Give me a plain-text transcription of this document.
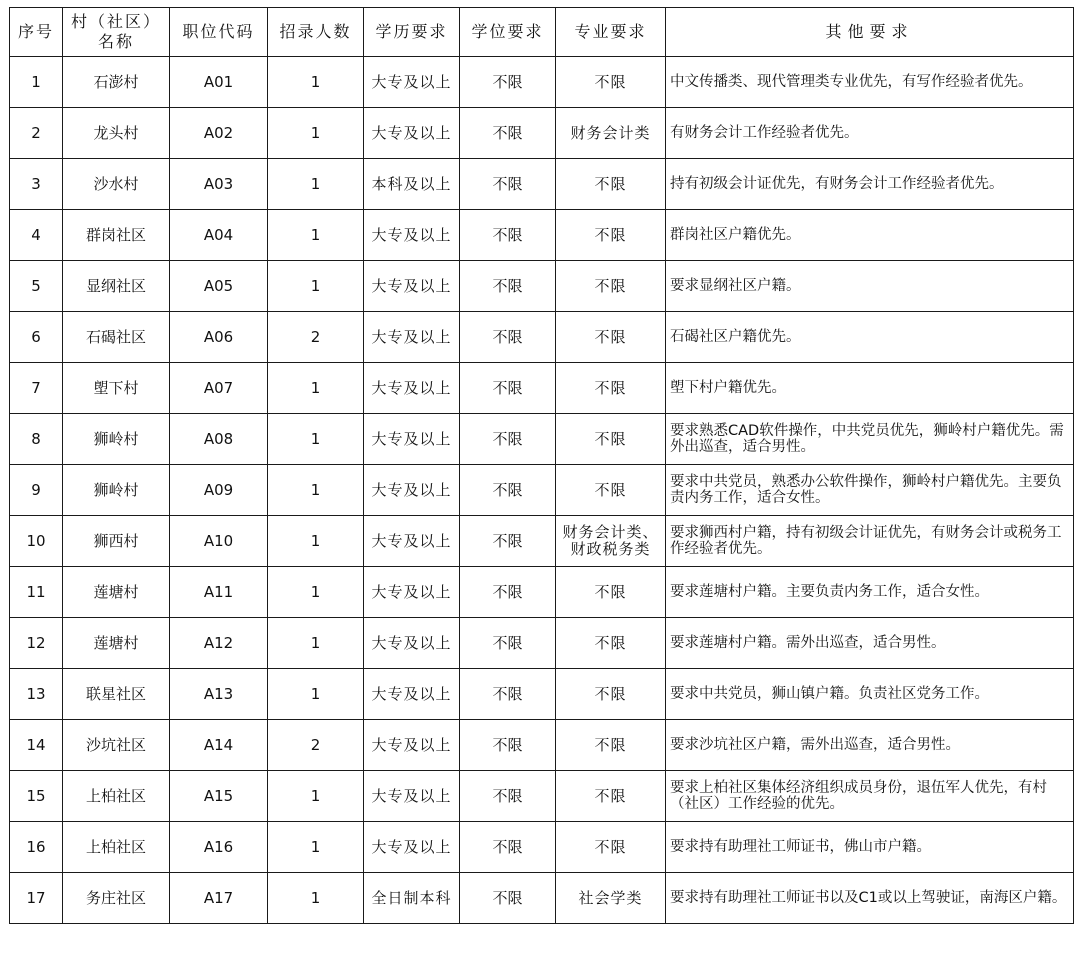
序号	村（社区）名称	职位代码	招录人数	学历要求	学位要求	专业要求	其他要求
1	石澎村	A01	1	大专及以上	不限	不限	中文传播类、现代管理类专业优先，有写作经验者优先。
2	龙头村	A02	1	大专及以上	不限	财务会计类	有财务会计工作经验者优先。
3	沙水村	A03	1	本科及以上	不限	不限	持有初级会计证优先，有财务会计工作经验者优先。
4	群岗社区	A04	1	大专及以上	不限	不限	群岗社区户籍优先。
5	显纲社区	A05	1	大专及以上	不限	不限	要求显纲社区户籍。
6	石碣社区	A06	2	大专及以上	不限	不限	石碣社区户籍优先。
7	塱下村	A07	1	大专及以上	不限	不限	塱下村户籍优先。
8	狮岭村	A08	1	大专及以上	不限	不限	要求熟悉CAD软件操作，中共党员优先，狮岭村户籍优先。需外出巡查，适合男性。
9	狮岭村	A09	1	大专及以上	不限	不限	要求中共党员，熟悉办公软件操作，狮岭村户籍优先。主要负责内务工作，适合女性。
10	狮西村	A10	1	大专及以上	不限	财务会计类、财政税务类	要求狮西村户籍，持有初级会计证优先，有财务会计或税务工作经验者优先。
11	莲塘村	A11	1	大专及以上	不限	不限	要求莲塘村户籍。主要负责内务工作，适合女性。
12	莲塘村	A12	1	大专及以上	不限	不限	要求莲塘村户籍。需外出巡查，适合男性。
13	联星社区	A13	1	大专及以上	不限	不限	要求中共党员，狮山镇户籍。负责社区党务工作。
14	沙坑社区	A14	2	大专及以上	不限	不限	要求沙坑社区户籍，需外出巡查，适合男性。
15	上柏社区	A15	1	大专及以上	不限	不限	要求上柏社区集体经济组织成员身份，退伍军人优先，有村（社区）工作经验的优先。
16	上柏社区	A16	1	大专及以上	不限	不限	要求持有助理社工师证书，佛山市户籍。
17	务庄社区	A17	1	全日制本科	不限	社会学类	要求持有助理社工师证书以及C1或以上驾驶证，南海区户籍。
